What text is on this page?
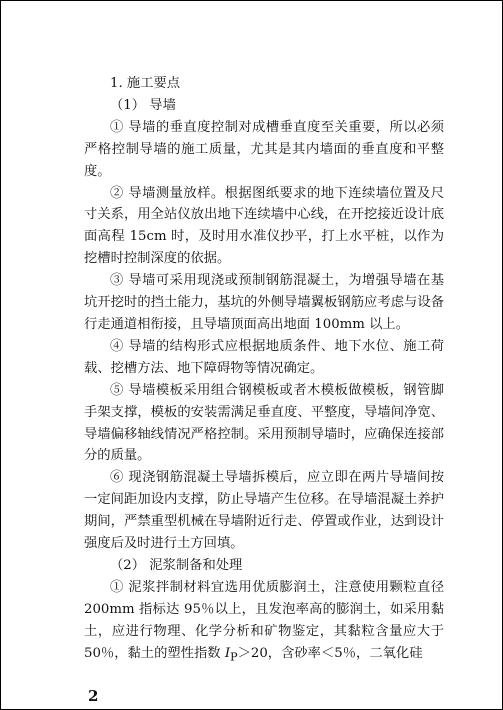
1. 施工要点

（1） 导墙

① 导墙的垂直度控制对成槽垂直度至关重要，所以必须严格控制导墙的施工质量，尤其是其内墙面的垂直度和平整度。

② 导墙测量放样。根据图纸要求的地下连续墙位置及尺寸关系，用全站仪放出地下连续墙中心线，在开挖接近设计底面高程 15cm 时，及时用水准仪抄平，打上水平桩，以作为挖槽时控制深度的依据。

③ 导墙可采用现浇或预制钢筋混凝土，为增强导墙在基坑开挖时的挡土能力，基坑的外侧导墙翼板钢筋应考虑与设备行走通道相衔接，且导墙顶面高出地面 100mm 以上。

④ 导墙的结构形式应根据地质条件、地下水位、施工荷载、挖槽方法、地下障碍物等情况确定。

⑤ 导墙模板采用组合钢模板或者木模板做模板，钢管脚手架支撑，模板的安装需满足垂直度、平整度，导墙间净宽、导墙偏移轴线情况严格控制。采用预制导墙时，应确保连接部分的质量。

⑥ 现浇钢筋混凝土导墙拆模后，应立即在两片导墙间按一定间距加设内支撑，防止导墙产生位移。在导墙混凝土养护期间，严禁重型机械在导墙附近行走、停置或作业，达到设计强度后及时进行土方回填。

（2） 泥浆制备和处理

① 泥浆拌制材料宜选用优质膨润土，注意使用颗粒直径 200mm 指标达 95％以上，且发泡率高的膨润土，如采用黏土，应进行物理、化学分析和矿物鉴定，其黏粒含量应大于 50％，黏土的塑性指数 $I_P>20$，含砂率＜5％，二氧化硅

2
